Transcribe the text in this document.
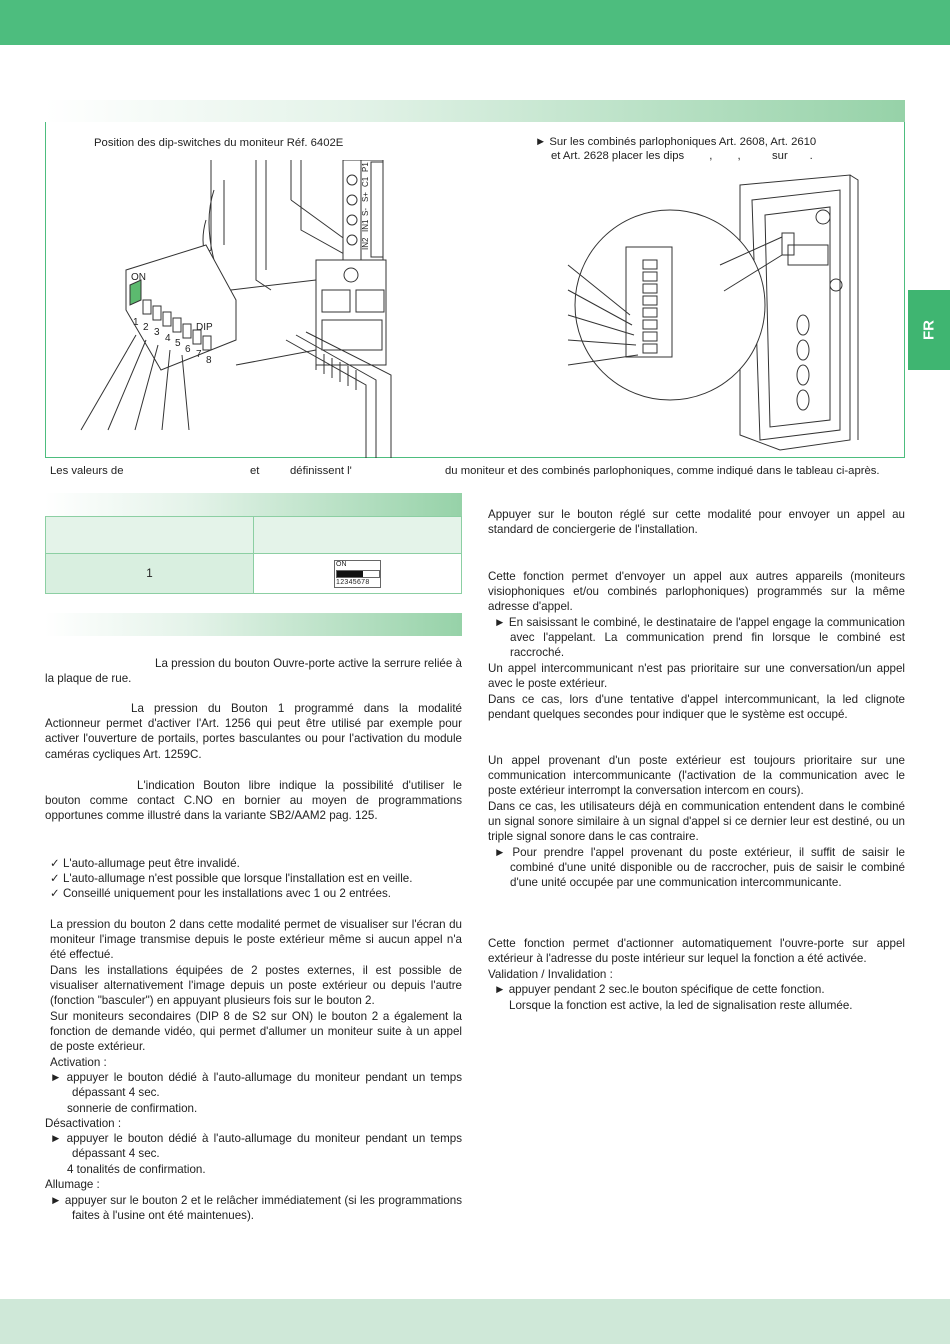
FR
Position des dip-switches du moniteur Réf. 6402E	► Sur les combinés parlophoniques Art. 2608, Art. 2610
et Art. 2628 placer les dips        ,        ,          sur       .
ON
DIP
1 2 3
4 5
6 7
8
IN2
IN1
S-
S+
C1
P1
Les valeurs de	et	définissent l'	du moniteur et des combinés parlophoniques, comme indiqué dans le tableau ci-après.

1	ON
12345678
La pression du bouton Ouvre-porte active la serrure reliée à la plaque de rue.
La pression du Bouton 1 programmé dans la modalité Actionneur permet d'activer l'Art. 1256 qui peut être utilisé par exemple pour activer l'ouverture de portails, portes basculantes ou pour l'activation du module caméras cycliques Art. 1259C.
L'indication Bouton libre indique la possibilité d'utiliser le bouton comme contact C.NO en bornier au moyen de programmations opportunes comme illustré dans la variante SB2/AAM2 pag. 125.
✓ L'auto-allumage peut être invalidé.
✓ L'auto-allumage n'est possible que lorsque l'installation est en veille.
✓ Conseillé uniquement pour les installations avec 1 ou 2 entrées.
La pression du bouton 2 dans cette modalité permet de visualiser sur l'écran du moniteur l'image transmise depuis le poste extérieur même si aucun appel n'a été effectué.
Dans les installations équipées de 2 postes externes, il est possible de visualiser alternativement l'image depuis un poste extérieur ou depuis l'autre (fonction "basculer") en appuyant plusieurs fois sur le bouton 2.
Sur moniteurs secondaires (DIP 8 de S2 sur ON) le bouton 2 a également la fonction de demande vidéo, qui permet d'allumer un moniteur suite à un appel de poste extérieur.
Activation :
► appuyer le bouton dédié à l'auto-allumage du moniteur pendant un temps dépassant 4 sec.
sonnerie de confirmation.
Désactivation :
► appuyer le bouton dédié à l'auto-allumage du moniteur pendant un temps dépassant 4 sec.
4 tonalités de confirmation.
Allumage :
► appuyer sur le bouton 2 et le relâcher immédiatement (si les programmations faites à l'usine ont été maintenues).
Appuyer sur le bouton réglé sur cette modalité pour envoyer un appel au standard de conciergerie de l'installation.
Cette fonction permet d'envoyer un appel aux autres appareils (moniteurs visiophoniques et/ou combinés parlophoniques) programmés sur la même adresse d'appel.
► En saisissant le combiné, le destinataire de l'appel engage la communication avec l'appelant. La communication prend fin lorsque le combiné est raccroché.
Un appel intercommunicant n'est pas prioritaire sur une conversation/un appel avec le poste extérieur.
Dans ce cas, lors d'une tentative d'appel intercommunicant, la led clignote pendant quelques secondes pour indiquer que le système est occupé.
Un appel provenant d'un poste extérieur est toujours prioritaire sur une communication intercommunicante (l'activation de la communication avec le poste extérieur interrompt la conversation intercom en cours).
Dans ce cas, les utilisateurs déjà en communication entendent dans le combiné un signal sonore similaire à un signal d'appel si ce dernier leur est destiné, ou un triple signal sonore dans le cas contraire.
► Pour prendre l'appel provenant du poste extérieur, il suffit de saisir le combiné d'une unité disponible ou de raccrocher, puis de saisir le combiné d'une unité occupée par une communication intercommunicante.
Cette fonction permet d'actionner automatiquement l'ouvre-porte sur appel extérieur à l'adresse du poste intérieur sur lequel la fonction a été activée.
Validation / Invalidation :
► appuyer pendant 2 sec.le bouton spécifique de cette fonction.
Lorsque la fonction est active, la led de signalisation reste allumée.
